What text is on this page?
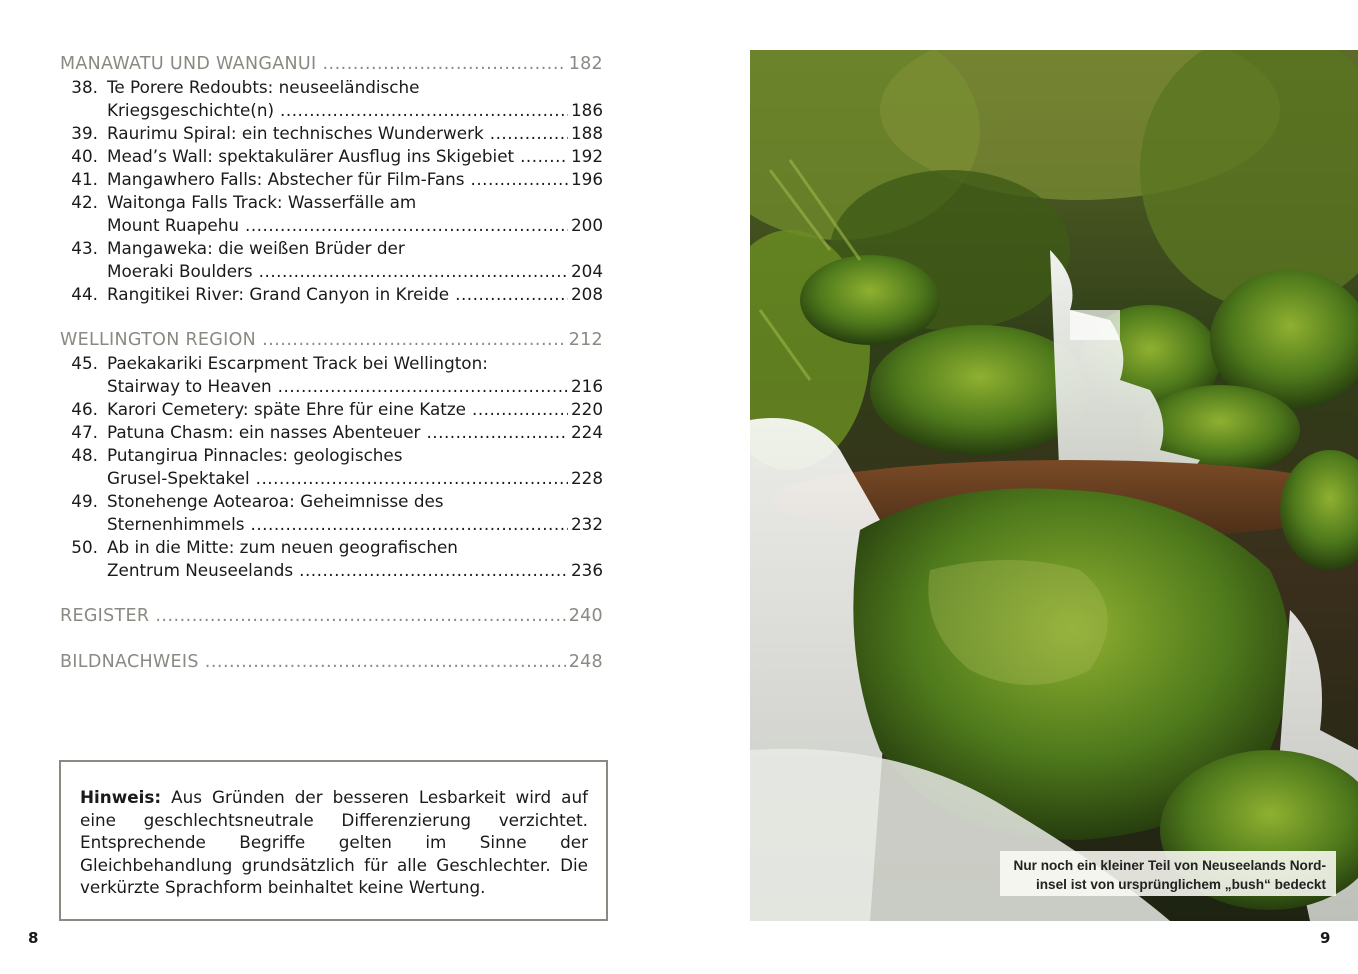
MANAWATU UND WANGANUI .....	182
38. Te Porere Redoubts: neuseeländische
Kriegsgeschichte(n) .....	186
39. Raurimu Spiral: ein technisches Wunderwerk .....	188
40. Mead’s Wall: spektakulärer Ausflug ins Skigebiet .....	192
41. Mangawhero Falls: Abstecher für Film-Fans .....	196
42. Waitonga Falls Track: Wasserfälle am
Mount Ruapehu .....	200
43. Mangaweka: die weißen Brüder der
Moeraki Boulders .....	204
44. Rangitikei River: Grand Canyon in Kreide .....	208
WELLINGTON REGION .....	212
45. Paekakariki Escarpment Track bei Wellington:
Stairway to Heaven .....	216
46. Karori Cemetery: späte Ehre für eine Katze .....	220
47. Patuna Chasm: ein nasses Abenteuer .....	224
48. Putangirua Pinnacles: geologisches
Grusel-Spektakel .....	228
49. Stonehenge Aotearoa: Geheimnisse des
Sternenhimmels .....	232
50. Ab in die Mitte: zum neuen geografischen
Zentrum Neuseelands .....	236
REGISTER .....	240
BILDNACHWEIS .....	248
Hinweis: Aus Gründen der besseren Lesbarkeit wird auf eine geschlechtsneutrale Differenzierung verzichtet. Entsprechende Begriffe gelten im Sinne der Gleichbehandlung grundsätzlich für alle Geschlechter. Die verkürzte Sprachform beinhaltet keine Wertung.
Nur noch ein kleiner Teil von Neuseelands Nord-
insel ist von ursprünglichem „bush“ bedeckt
8	9
